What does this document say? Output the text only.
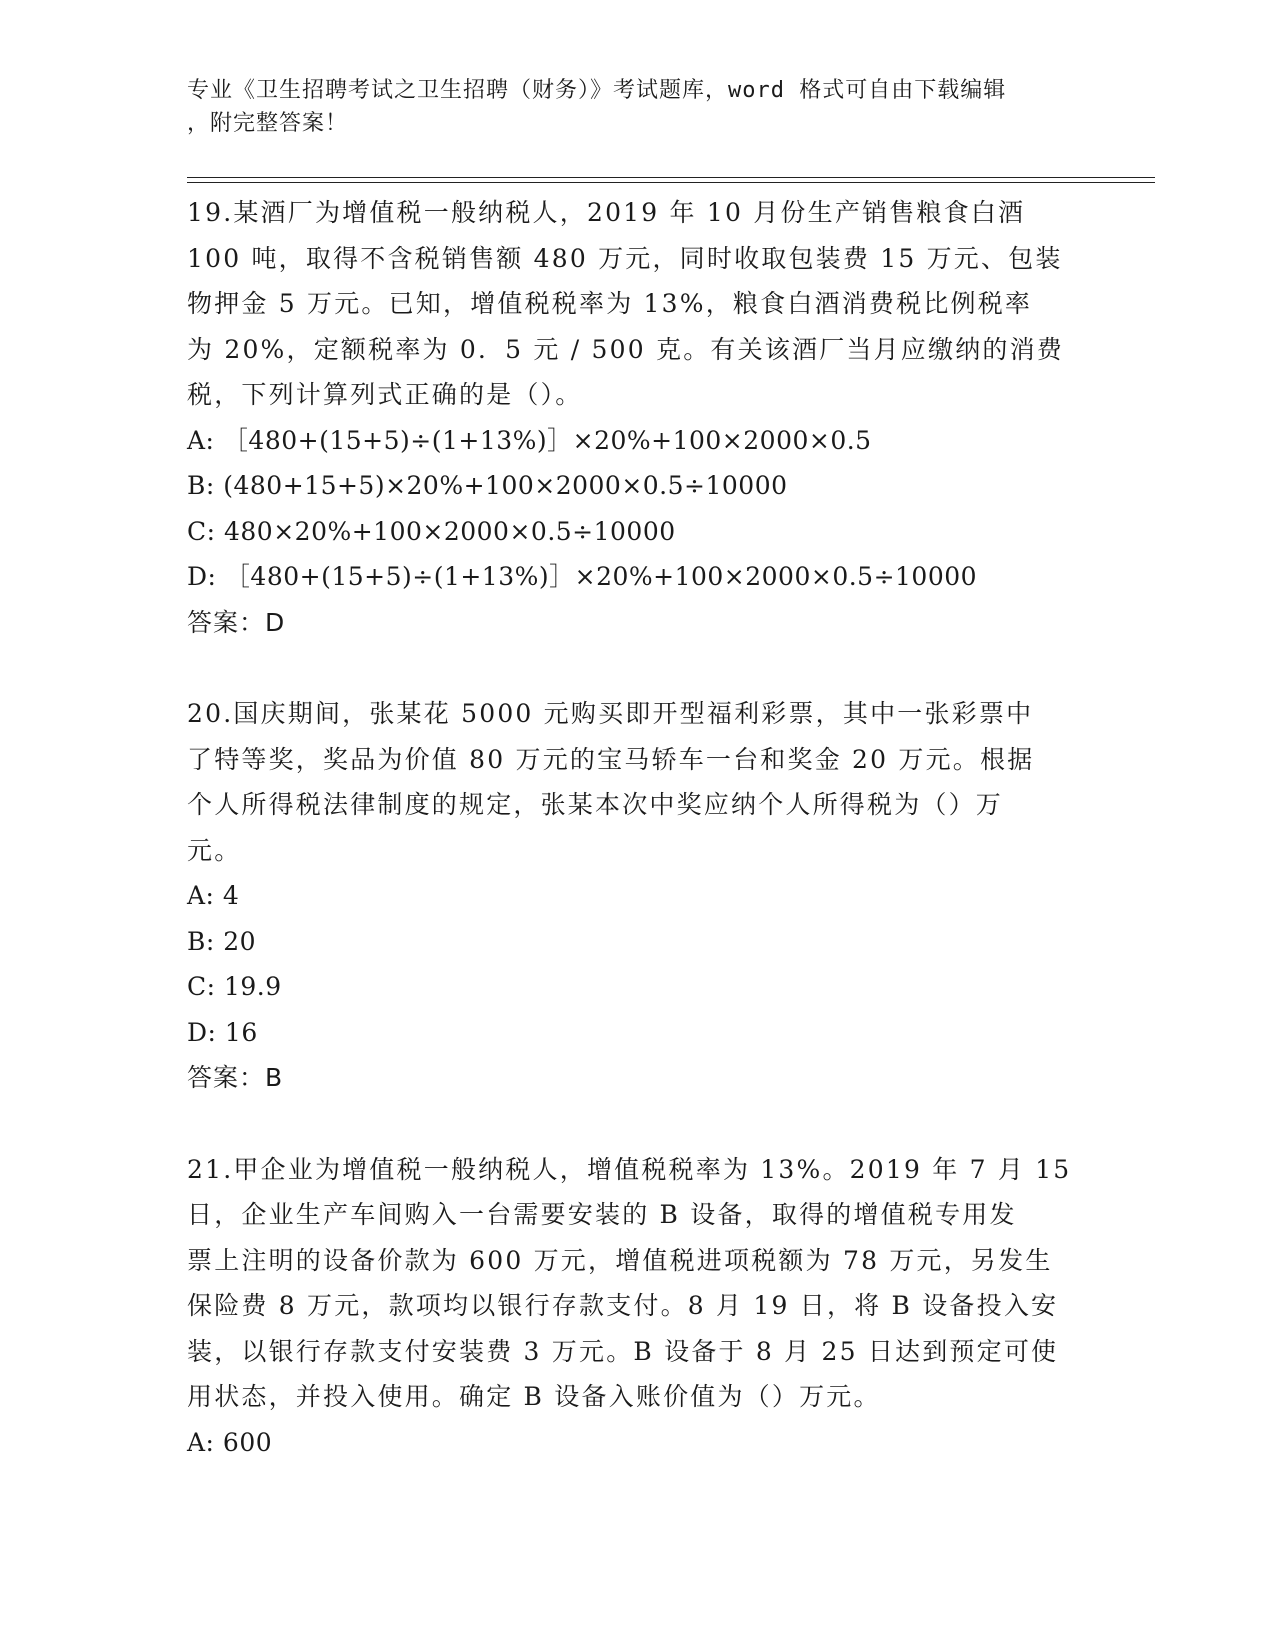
专业《卫生招聘考试之卫生招聘（财务）》考试题库，word 格式可自由下载编辑
，附完整答案！
19.某酒厂为增值税一般纳税人，2019 年 10 月份生产销售粮食白酒
100 吨，取得不含税销售额 480 万元，同时收取包装费 15 万元、包装
物押金 5 万元。已知，增值税税率为 13%，粮食白酒消费税比例税率
为 20%，定额税率为 0．5 元 / 500 克。有关该酒厂当月应缴纳的消费
税，下列计算列式正确的是（）。
A: ［480+(15+5)÷(1+13%)］×20%+100×2000×0.5
B: (480+15+5)×20%+100×2000×0.5÷10000
C: 480×20%+100×2000×0.5÷10000
D: ［480+(15+5)÷(1+13%)］×20%+100×2000×0.5÷10000
答案：D
20.国庆期间，张某花 5000 元购买即开型福利彩票，其中一张彩票中
了特等奖，奖品为价值 80 万元的宝马轿车一台和奖金 20 万元。根据
个人所得税法律制度的规定，张某本次中奖应纳个人所得税为（）万
元。
A: 4
B: 20
C: 19.9
D: 16
答案：B
21.甲企业为增值税一般纳税人，增值税税率为 13%。2019 年 7 月 15
日，企业生产车间购入一台需要安装的 B 设备，取得的增值税专用发
票上注明的设备价款为 600 万元，增值税进项税额为 78 万元，另发生
保险费 8 万元，款项均以银行存款支付。8 月 19 日，将 B 设备投入安
装，以银行存款支付安装费 3 万元。B 设备于 8 月 25 日达到预定可使
用状态，并投入使用。确定 B 设备入账价值为（）万元。
A: 600
